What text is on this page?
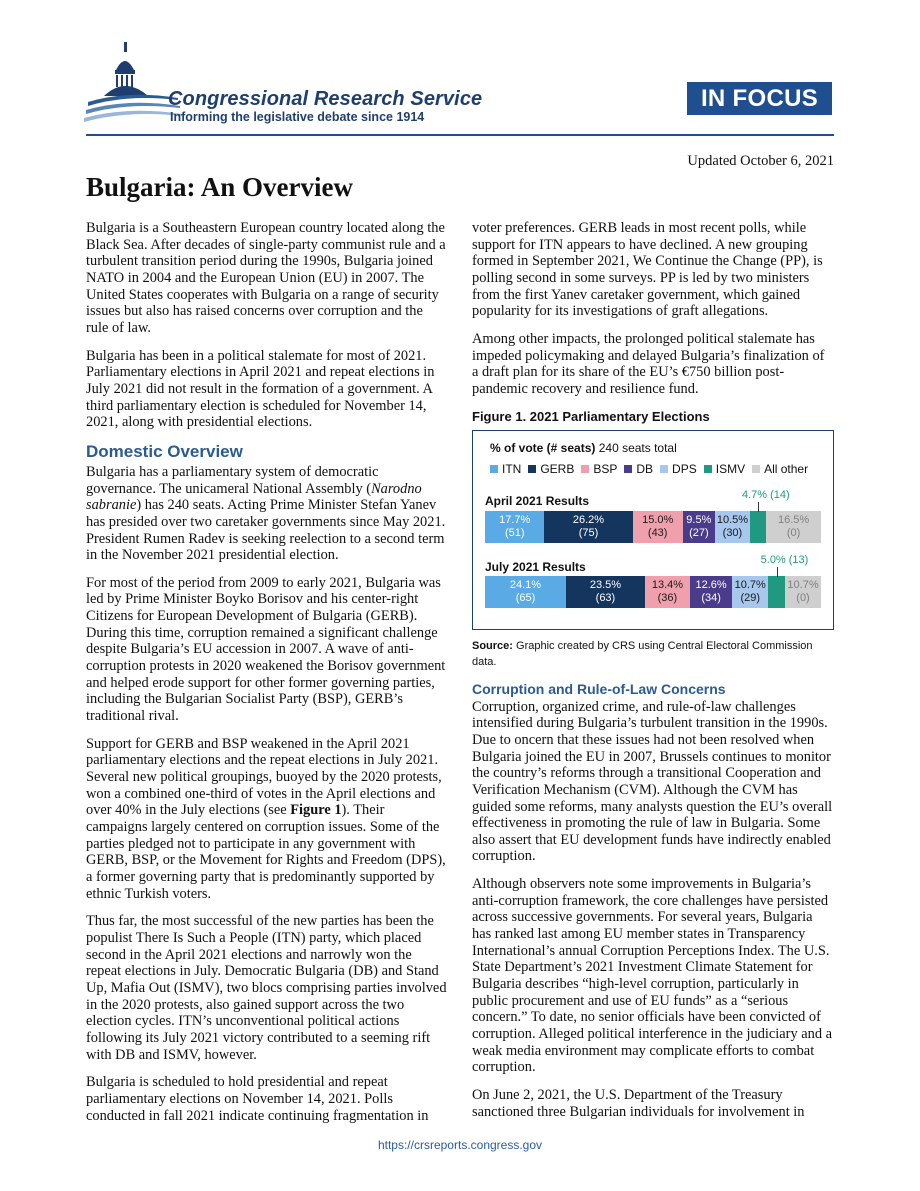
Congressional Research Service
Informing the legislative debate since 1914
IN FOCUS
Updated October 6, 2021
Bulgaria: An Overview

Bulgaria is a Southeastern European country located along the Black Sea. After decades of single-party communist rule and a turbulent transition period during the 1990s, Bulgaria joined NATO in 2004 and the European Union (EU) in 2007. The United States cooperates with Bulgaria on a range of security issues but also has raised concerns over corruption and the rule of law.

Bulgaria has been in a political stalemate for most of 2021. Parliamentary elections in April 2021 and repeat elections in July 2021 did not result in the formation of a government. A third parliamentary election is scheduled for November 14, 2021, along with presidential elections.

Domestic Overview

Bulgaria has a parliamentary system of democratic governance. The unicameral National Assembly (Narodno sabranie) has 240 seats. Acting Prime Minister Stefan Yanev has presided over two caretaker governments since May 2021. President Rumen Radev is seeking reelection to a second term in the November 2021 presidential election.

For most of the period from 2009 to early 2021, Bulgaria was led by Prime Minister Boyko Borisov and his center-right Citizens for European Development of Bulgaria (GERB). During this time, corruption remained a significant challenge despite Bulgaria’s EU accession in 2007. A wave of anti-corruption protests in 2020 weakened the Borisov government and helped erode support for other former governing parties, including the Bulgarian Socialist Party (BSP), GERB’s traditional rival.

Support for GERB and BSP weakened in the April 2021 parliamentary elections and the repeat elections in July 2021. Several new political groupings, buoyed by the 2020 protests, won a combined one-third of votes in the April elections and over 40% in the July elections (see Figure 1). Their campaigns largely centered on corruption issues. Some of the parties pledged not to participate in any government with GERB, BSP, or the Movement for Rights and Freedom (DPS), a former governing party that is predominantly supported by ethnic Turkish voters.

Thus far, the most successful of the new parties has been the populist There Is Such a People (ITN) party, which placed second in the April 2021 elections and narrowly won the repeat elections in July. Democratic Bulgaria (DB) and Stand Up, Mafia Out (ISMV), two blocs comprising parties involved in the 2020 protests, also gained support across the two election cycles. ITN’s unconventional political actions following its July 2021 victory contributed to a seeming rift with DB and ISMV, however.

Bulgaria is scheduled to hold presidential and repeat parliamentary elections on November 14, 2021. Polls conducted in fall 2021 indicate continuing fragmentation in

voter preferences. GERB leads in most recent polls, while support for ITN appears to have declined. A new grouping formed in September 2021, We Continue the Change (PP), is polling second in some surveys. PP is led by two ministers from the first Yanev caretaker government, which gained popularity for its investigations of graft allegations.

Among other impacts, the prolonged political stalemate has impeded policymaking and delayed Bulgaria’s finalization of a draft plan for its share of the EU’s €750 billion post-pandemic recovery and resilience fund.

Figure 1. 2021 Parliamentary Elections
% of vote (# seats) 240 seats total
ITN GERB BSP DB DPS ISMV All other
April 2021 Results
17.7%
(51)
26.2%
(75)
15.0%
(43)
9.5%
(27)
10.5%
(30)
16.5%
(0)
July 2021 Results
24.1%
(65)
23.5%
(63)
13.4%
(36)
12.6%
(34)
10.7%
(29)
10.7%
(0)
4.7% (14)
5.0% (13)
Source: Graphic created by CRS using Central Electoral Commission data.
Corruption and Rule-of-Law Concerns

Corruption, organized crime, and rule-of-law challenges intensified during Bulgaria’s turbulent transition in the 1990s. Due to oncern that these issues had not been resolved when Bulgaria joined the EU in 2007, Brussels continues to monitor the country’s reforms through a transitional Cooperation and Verification Mechanism (CVM). Although the CVM has guided some reforms, many analysts question the EU’s overall effectiveness in promoting the rule of law in Bulgaria. Some also assert that EU development funds have indirectly enabled corruption.

Although observers note some improvements in Bulgaria’s anti-corruption framework, the core challenges have persisted across successive governments. For several years, Bulgaria has ranked last among EU member states in Transparency International’s annual Corruption Perceptions Index. The U.S. State Department’s 2021 Investment Climate Statement for Bulgaria describes “high-level corruption, particularly in public procurement and use of EU funds” as a “serious concern.” To date, no senior officials have been convicted of corruption. Alleged political interference in the judiciary and a weak media environment may complicate efforts to combat corruption.

On June 2, 2021, the U.S. Department of the Treasury sanctioned three Bulgarian individuals for involvement in

https://crsreports.congress.gov
